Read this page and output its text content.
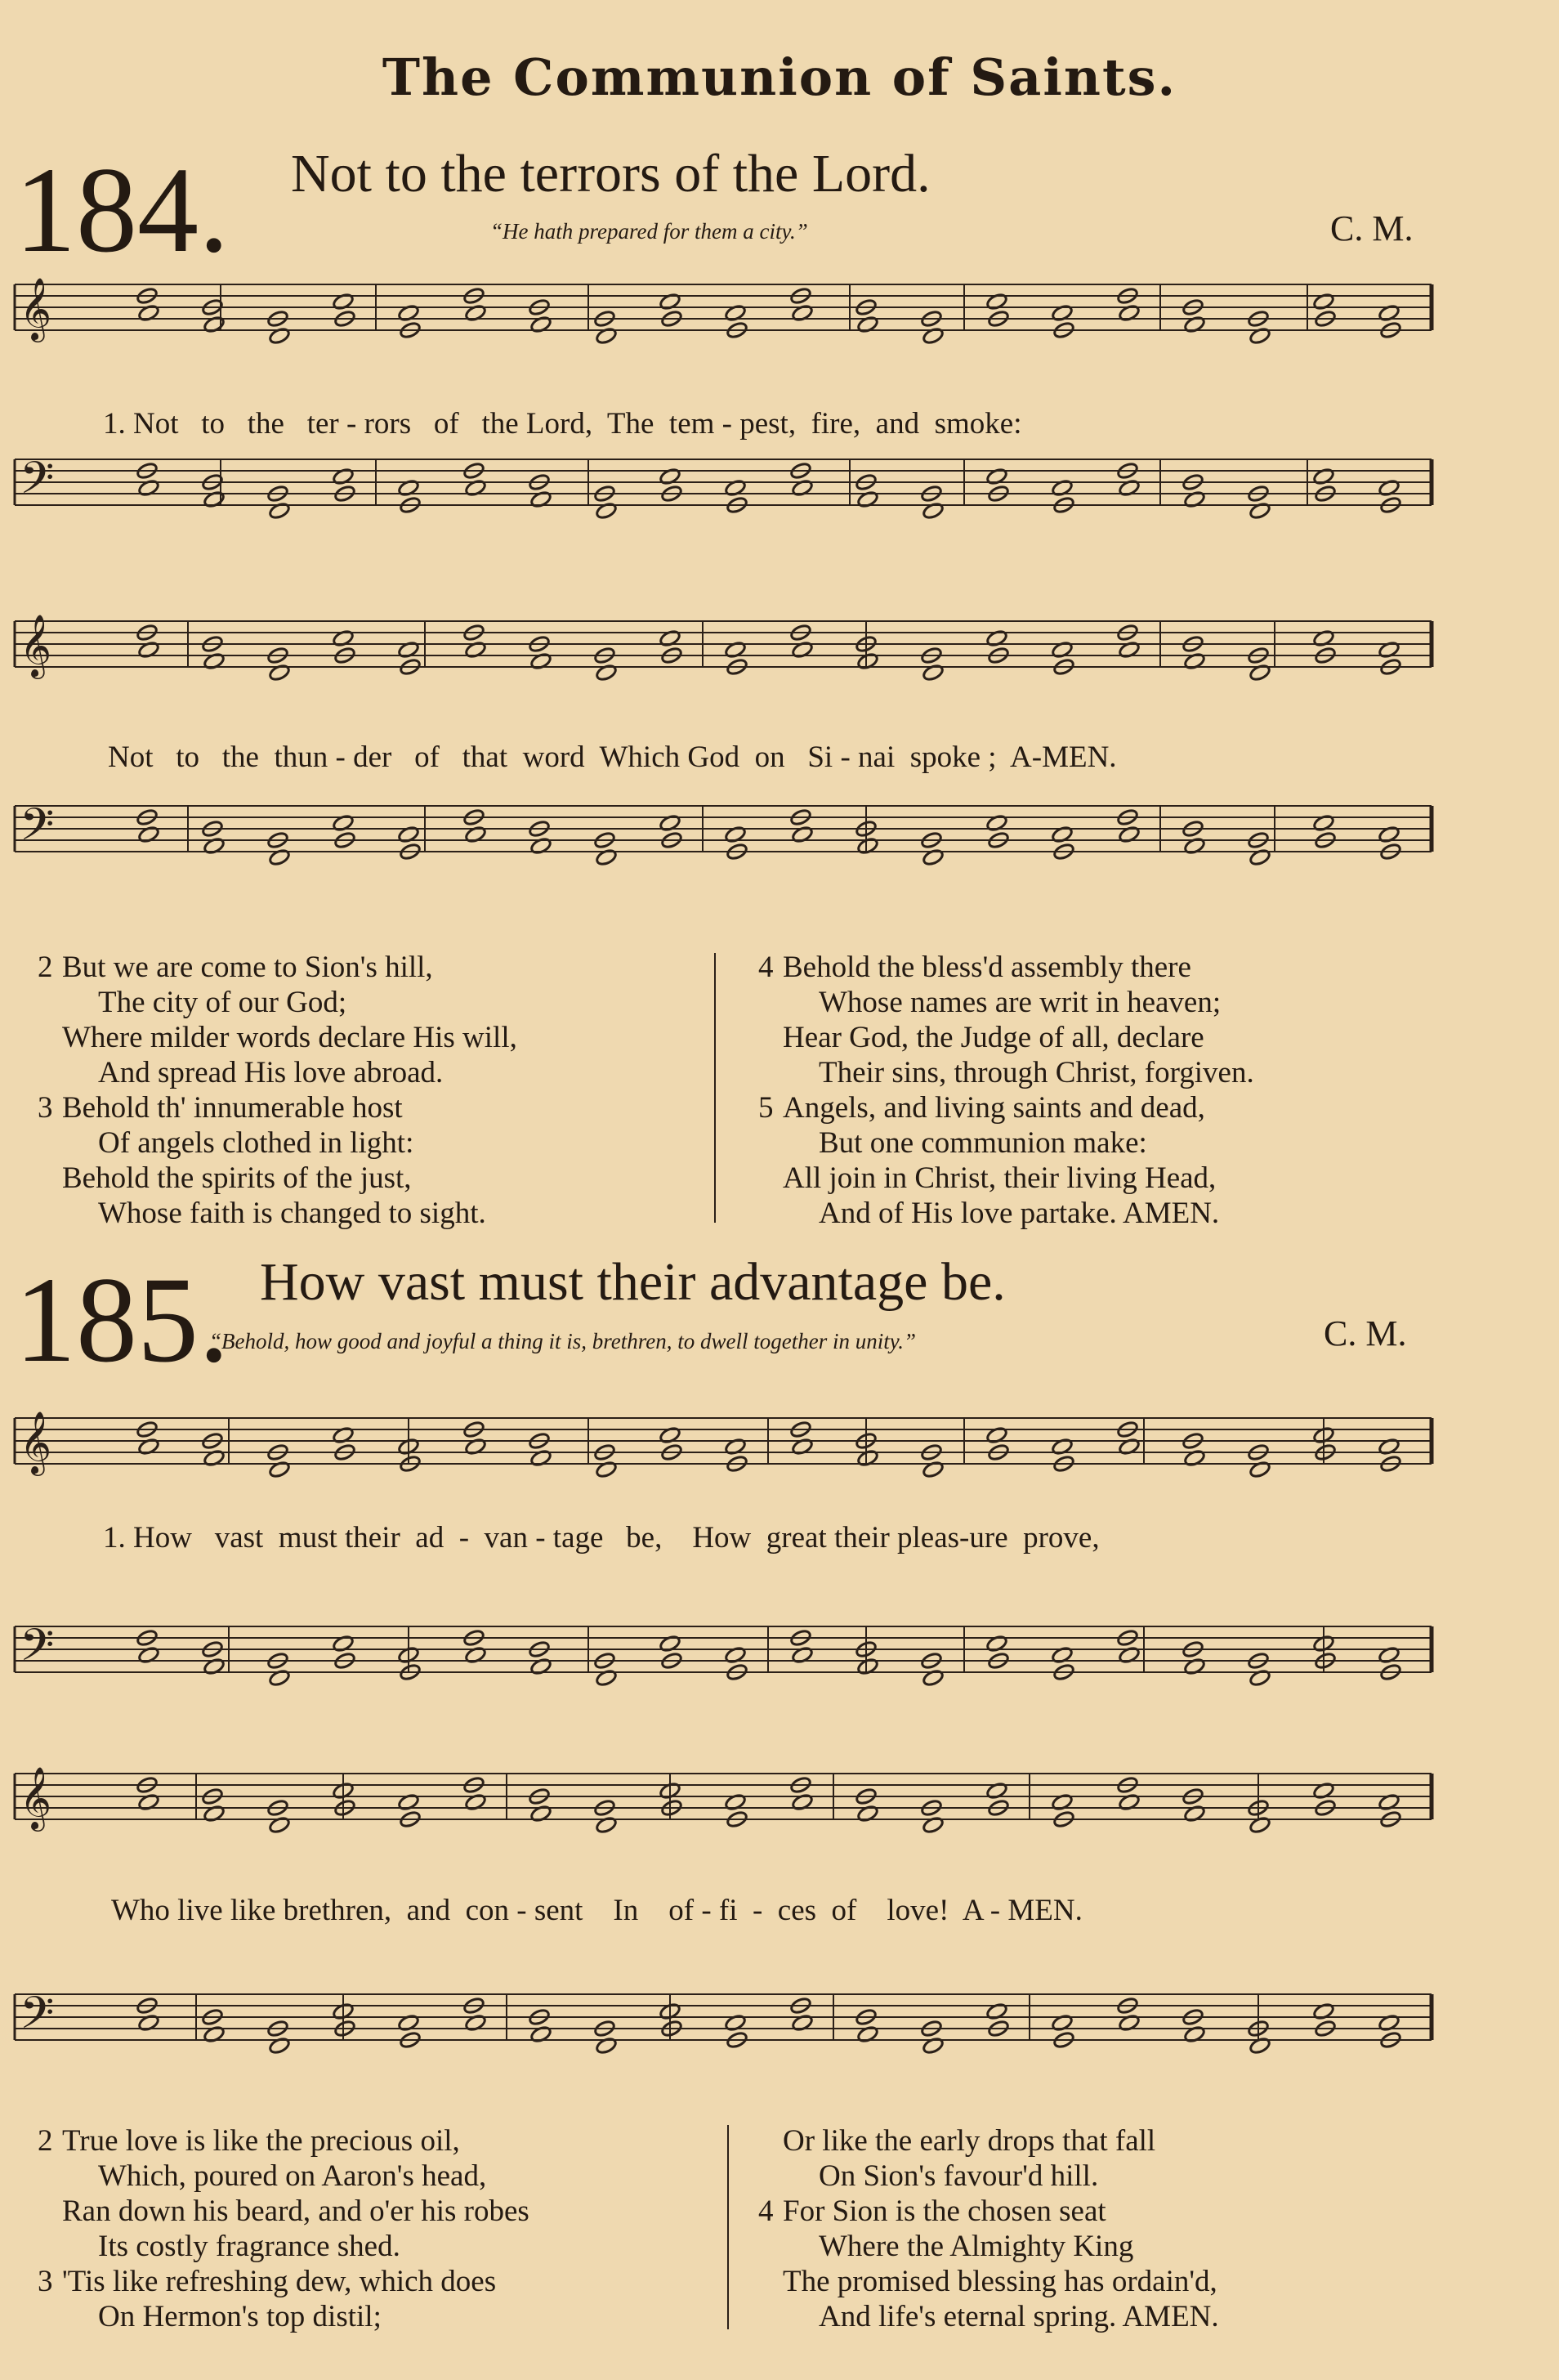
The Communion of Saints.
184. Not to the terrors of the Lord.
“He hath prepared for them a city.”	C. M.
𝄞
𝄢
𝄞
𝄢
1. Not   to   the   ter - rors   of   the Lord,  The  tem - pest,  fire,  and  smoke:
Not   to   the  thun - der   of   that  word  Which God  on   Si - nai  spoke ;  A-MEN.
2 But we are come to Sion's hill,
The city of our God;
Where milder words declare His will,
And spread His love abroad.
3 Behold th' innumerable host
Of angels clothed in light:
Behold the spirits of the just,
Whose faith is changed to sight.
4 Behold the bless'd assembly there
Whose names are writ in heaven;
Hear God, the Judge of all, declare
Their sins, through Christ, forgiven.
5 Angels, and living saints and dead,
But one communion make:
All join in Christ, their living Head,
And of His love partake. AMEN.
185. How vast must their advantage be.
“Behold, how good and joyful a thing it is, brethren, to dwell together in unity.”	C. M.
𝄞
𝄢
𝄞
𝄢
1. How   vast  must their  ad  -  van - tage   be,    How  great their pleas-ure  prove,
Who live like brethren,  and  con - sent    In    of - fi  -  ces  of    love!  A - MEN.
2 True love is like the precious oil,
Which, poured on Aaron's head,
Ran down his beard, and o'er his robes
Its costly fragrance shed.
3 'Tis like refreshing dew, which does
On Hermon's top distil;
Or like the early drops that fall
On Sion's favour'd hill.
4 For Sion is the chosen seat
Where the Almighty King
The promised blessing has ordain'd,
And life's eternal spring. AMEN.
